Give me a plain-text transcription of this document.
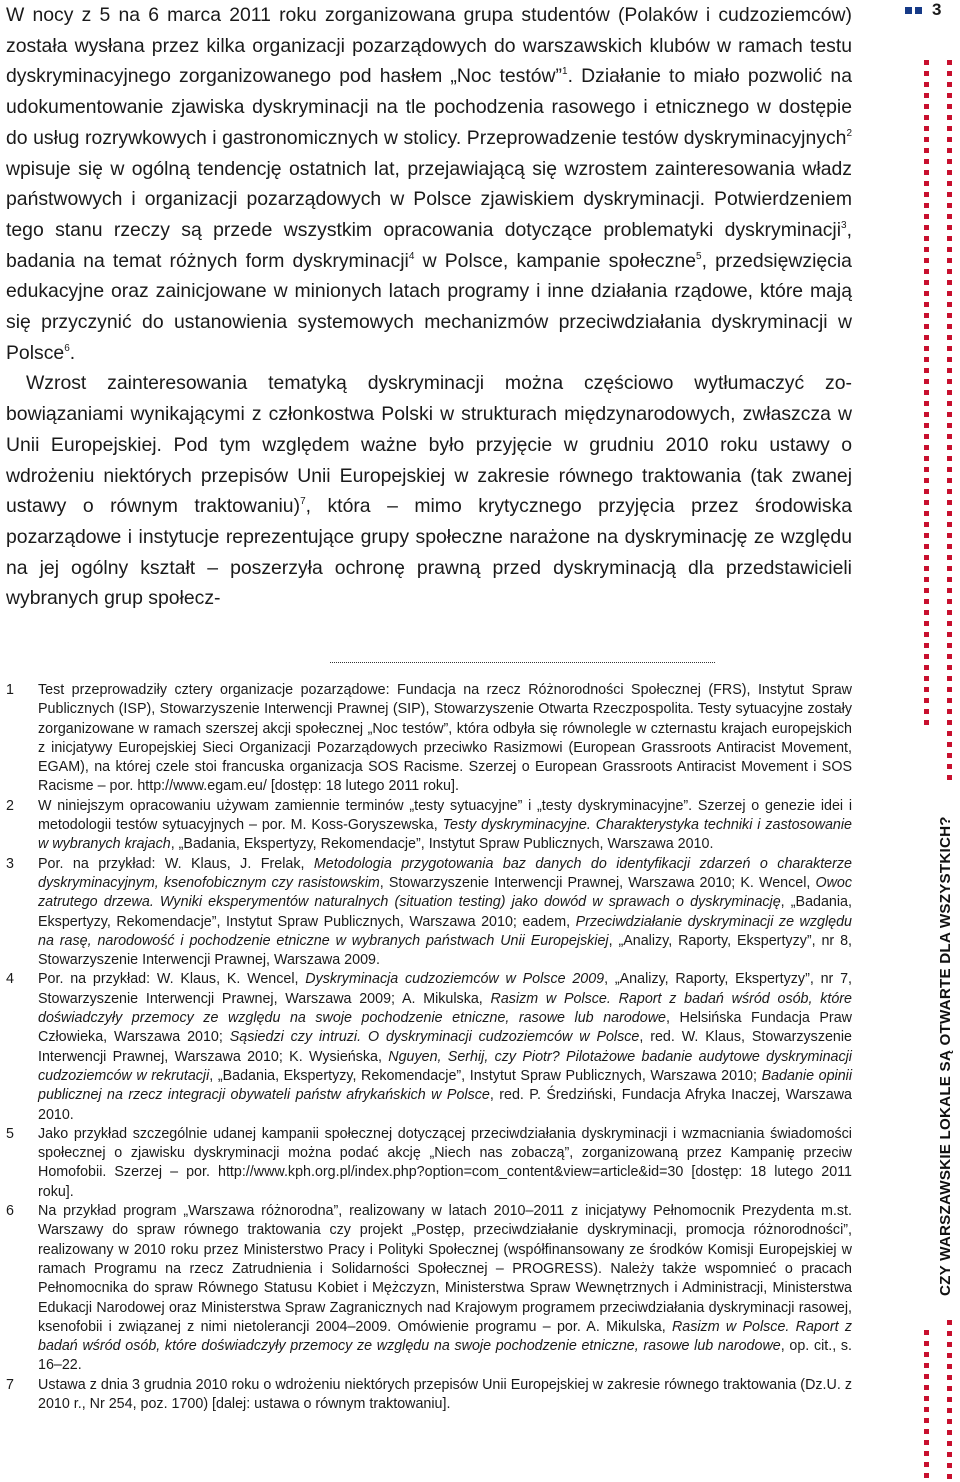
W nocy z 5 na 6 marca 2011 roku zorganizowana grupa studentów (Polaków i cudzoziemców) została wysłana przez kilka organizacji pozarządowych do warszawskich klubów w ramach testu dyskryminacyjnego zorganizowanego pod hasłem „Noc testów”$^1$. Działanie to miało pozwolić na udokumentowanie zjawiska dyskryminacji na tle pochodzenia rasowego i etnicznego w dostępie do usług rozrywkowych i gastronomicznych w stolicy. Przeprowadzenie testów dyskryminacyjnych$^2$ wpisuje się w ogólną tendencję ostatnich lat, przejawiającą się wzrostem zainteresowania władz państwowych i organizacji pozarządowych w Polsce zjawiskiem dyskryminacji. Potwierdzeniem tego stanu rzeczy są przede wszystkim opracowania dotyczące problematyki dyskryminacji$^3$, badania na temat różnych form dyskryminacji$^4$ w Polsce, kampanie społeczne$^5$, przedsięwzięcia edukacyjne oraz zainicjowane w minionych latach programy i inne działania rządowe, które mają się przyczynić do ustanowienia systemowych mechanizmów przeciwdziałania dyskryminacji w Polsce$^6$.

Wzrost zainteresowania tematyką dyskryminacji można częściowo wytłumaczyć zobowiązaniami wynikającymi z członkostwa Polski w strukturach międzynarodowych, zwłaszcza w Unii Europejskiej. Pod tym względem ważne było przyjęcie w grudniu 2010 roku ustawy o wdrożeniu niektórych przepisów Unii Europejskiej w zakresie równego traktowania (tak zwanej ustawy o równym traktowaniu)$^7$, która – mimo krytycznego przyjęcia przez środowiska pozarządowe i instytucje reprezentujące grupy społeczne narażone na dyskryminację ze względu na jej ogólny kształt – poszerzyła ochronę prawną przed dyskryminacją dla przedstawicieli wybranych grup społecz-

1	Test przeprowadziły cztery organizacje pozarządowe: Fundacja na rzecz Różnorodności Społecznej (FRS), Instytut Spraw Publicznych (ISP), Stowarzyszenie Interwencji Prawnej (SIP), Stowarzyszenie Otwarta Rzeczpospolita. Testy sytuacyjne zostały zorganizowane w ramach szerszej akcji społecznej „Noc testów”, która odbyła się równolegle w czternastu krajach europejskich z inicjatywy Europejskiej Sieci Organizacji Pozarządowych przeciwko Rasizmowi (European Grassroots Antiracist Movement, EGAM), na której czele stoi francuska organizacja SOS Racisme. Szerzej o European Grassroots Antiracist Movement i SOS Racisme – por. http://www.egam.eu/ [dostęp: 18 lutego 2011 roku].
2	W niniejszym opracowaniu używam zamiennie terminów „testy sytuacyjne” i „testy dyskryminacyjne”. Szerzej o genezie idei i metodologii testów sytuacyjnych – por. M. Koss-Goryszewska, Testy dyskryminacyjne. Charakterystyka techniki i zastosowanie w wybranych krajach, „Badania, Ekspertyzy, Rekomendacje”, Instytut Spraw Publicznych, Warszawa 2010.
3	Por. na przykład: W. Klaus, J. Frelak, Metodologia przygotowania baz danych do identyfikacji zdarzeń o charakterze dyskryminacyjnym, ksenofobicznym czy rasistowskim, Stowarzyszenie Interwencji Prawnej, Warszawa 2010; K. Wencel, Owoc zatrutego drzewa. Wyniki eksperymentów naturalnych (situation testing) jako dowód w sprawach o dyskryminację, „Badania, Ekspertyzy, Rekomendacje”, Instytut Spraw Publicznych, Warszawa 2010; eadem, Przeciwdziałanie dyskryminacji ze względu na rasę, narodowość i pochodzenie etniczne w wybranych państwach Unii Europejskiej, „Analizy, Raporty, Ekspertyzy”, nr 8, Stowarzyszenie Interwencji Prawnej, Warszawa 2009.
4	Por. na przykład: W. Klaus, K. Wencel, Dyskryminacja cudzoziemców w Polsce 2009, „Analizy, Raporty, Ekspertyzy”, nr 7, Stowarzyszenie Interwencji Prawnej, Warszawa 2009; A. Mikulska, Rasizm w Polsce. Raport z badań wśród osób, które doświadczyły przemocy ze względu na swoje pochodzenie etniczne, rasowe lub narodowe, Helsińska Fundacja Praw Człowieka, Warszawa 2010; Sąsiedzi czy intruzi. O dyskryminacji cudzoziemców w Polsce, red. W. Klaus, Stowarzyszenie Interwencji Prawnej, Warszawa 2010; K. Wysieńska, Nguyen, Serhij, czy Piotr? Pilotażowe badanie audytowe dyskryminacji cudzoziemców w rekrutacji, „Badania, Ekspertyzy, Rekomendacje”, Instytut Spraw Publicznych, Warszawa 2010; Badanie opinii publicznej na rzecz integracji obywateli państw afrykańskich w Polsce, red. P. Średziński, Fundacja Afryka Inaczej, Warszawa 2010.
5	Jako przykład szczególnie udanej kampanii społecznej dotyczącej przeciwdziałania dyskryminacji i wzmacniania świadomości społecznej o zjawisku dyskryminacji można podać akcję „Niech nas zobaczą”, zorganizowaną przez Kampanię przeciw Homofobii. Szerzej – por. http://www.kph.org.pl/index.php?option=com_content&view=article&id=30 [dostęp: 18 lutego 2011 roku].
6	Na przykład program „Warszawa różnorodna”, realizowany w latach 2010–2011 z inicjatywy Pełnomocnik Prezydenta m.st. Warszawy do spraw równego traktowania czy projekt „Postęp, przeciwdziałanie dyskryminacji, promocja różnorodności”, realizowany w 2010 roku przez Ministerstwo Pracy i Polityki Społecznej (współfinansowany ze środków Komisji Europejskiej w ramach Programu na rzecz Zatrudnienia i Solidarności Społecznej – PROGRESS). Należy także wspomnieć o pracach Pełnomocnika do spraw Równego Statusu Kobiet i Mężczyzn, Ministerstwa Spraw Wewnętrznych i Administracji, Ministerstwa Edukacji Narodowej oraz Ministerstwa Spraw Zagranicznych nad Krajowym programem przeciwdziałania dyskryminacji rasowej, ksenofobii i związanej z nimi nietolerancji 2004–2009. Omówienie programu – por. A. Mikulska, Rasizm w Polsce. Raport z badań wśród osób, które doświadczyły przemocy ze względu na swoje pochodzenie etniczne, rasowe lub narodowe, op. cit., s. 16–22.
7	Ustawa z dnia 3 grudnia 2010 roku o wdrożeniu niektórych przepisów Unii Europejskiej w zakresie równego traktowania (Dz.U. z 2010 r., Nr 254, poz. 1700) [dalej: ustawa o równym traktowaniu].
3
CZY WARSZAWSKIE LOKALE SĄ OTWARTE DLA WSZYSTKICH?
